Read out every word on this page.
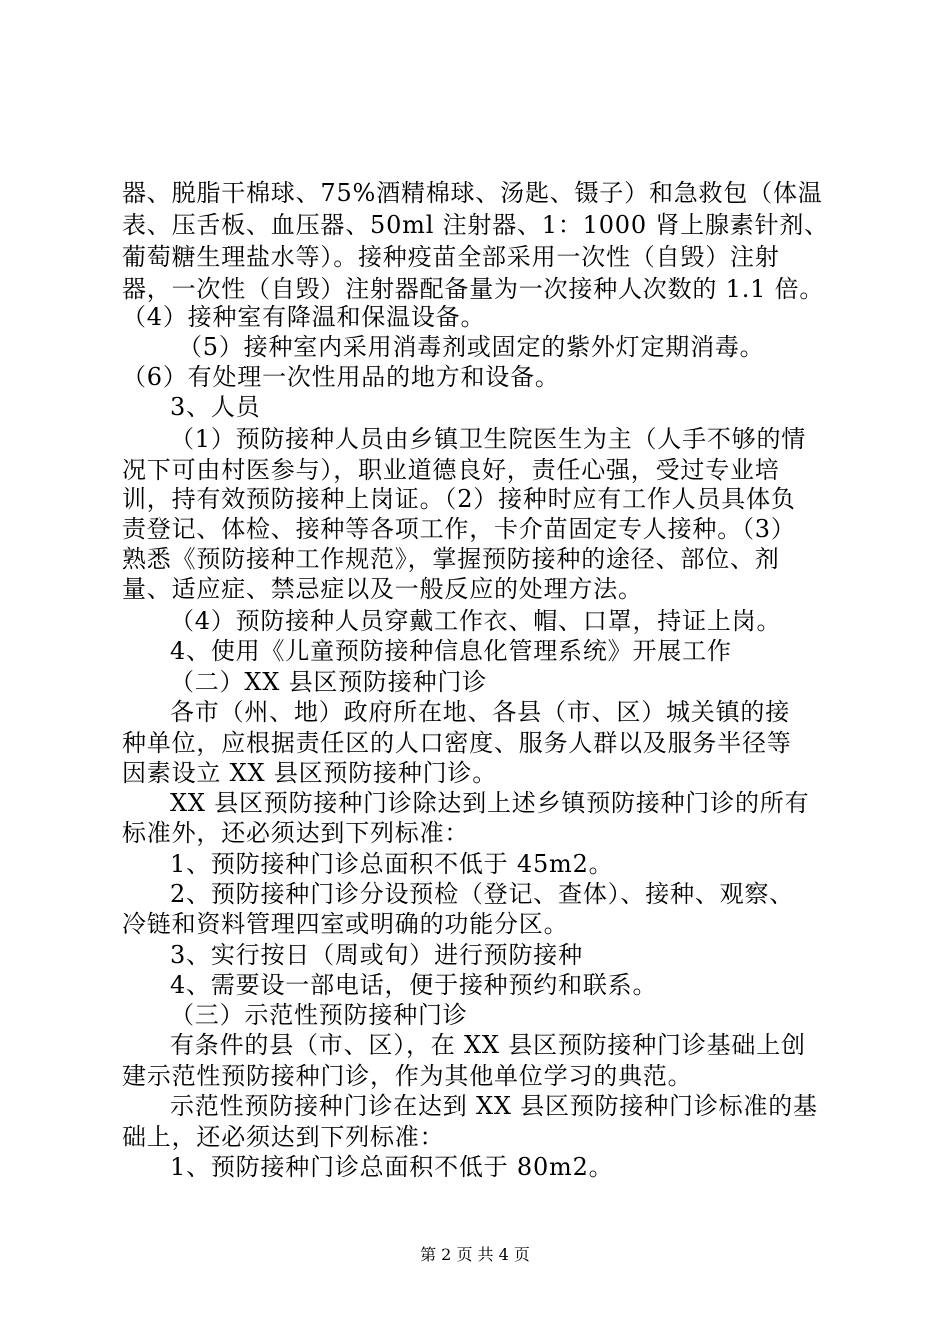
器、脱脂干棉球、75%酒精棉球、汤匙、镊子）和急救包（体温
表、压舌板、血压器、50ml 注射器、1：1000 肾上腺素针剂、
葡萄糖生理盐水等）。接种疫苗全部采用一次性（自毁）注射
器，一次性（自毁）注射器配备量为一次接种人次数的 1.1 倍。
（4）接种室有降温和保温设备。
（5）接种室内采用消毒剂或固定的紫外灯定期消毒。
（6）有处理一次性用品的地方和设备。
3、人员
（1）预防接种人员由乡镇卫生院医生为主（人手不够的情
况下可由村医参与），职业道德良好，责任心强，受过专业培
训，持有效预防接种上岗证。（2）接种时应有工作人员具体负
责登记、体检、接种等各项工作，卡介苗固定专人接种。（3）
熟悉《预防接种工作规范》，掌握预防接种的途径、部位、剂
量、适应症、禁忌症以及一般反应的处理方法。
（4）预防接种人员穿戴工作衣、帽、口罩，持证上岗。
4、使用《儿童预防接种信息化管理系统》开展工作
（二）XX 县区预防接种门诊
各市（州、地）政府所在地、各县（市、区）城关镇的接
种单位，应根据责任区的人口密度、服务人群以及服务半径等
因素设立 XX 县区预防接种门诊。
XX 县区预防接种门诊除达到上述乡镇预防接种门诊的所有
标准外，还必须达到下列标准：
1、预防接种门诊总面积不低于 45m2。
2、预防接种门诊分设预检（登记、查体）、接种、观察、
冷链和资料管理四室或明确的功能分区。
3、实行按日（周或旬）进行预防接种
4、需要设一部电话，便于接种预约和联系。
（三）示范性预防接种门诊
有条件的县（市、区），在 XX 县区预防接种门诊基础上创
建示范性预防接种门诊，作为其他单位学习的典范。
示范性预防接种门诊在达到 XX 县区预防接种门诊标准的基
础上，还必须达到下列标准：
1、预防接种门诊总面积不低于 80m2。
第 2 页 共 4 页
